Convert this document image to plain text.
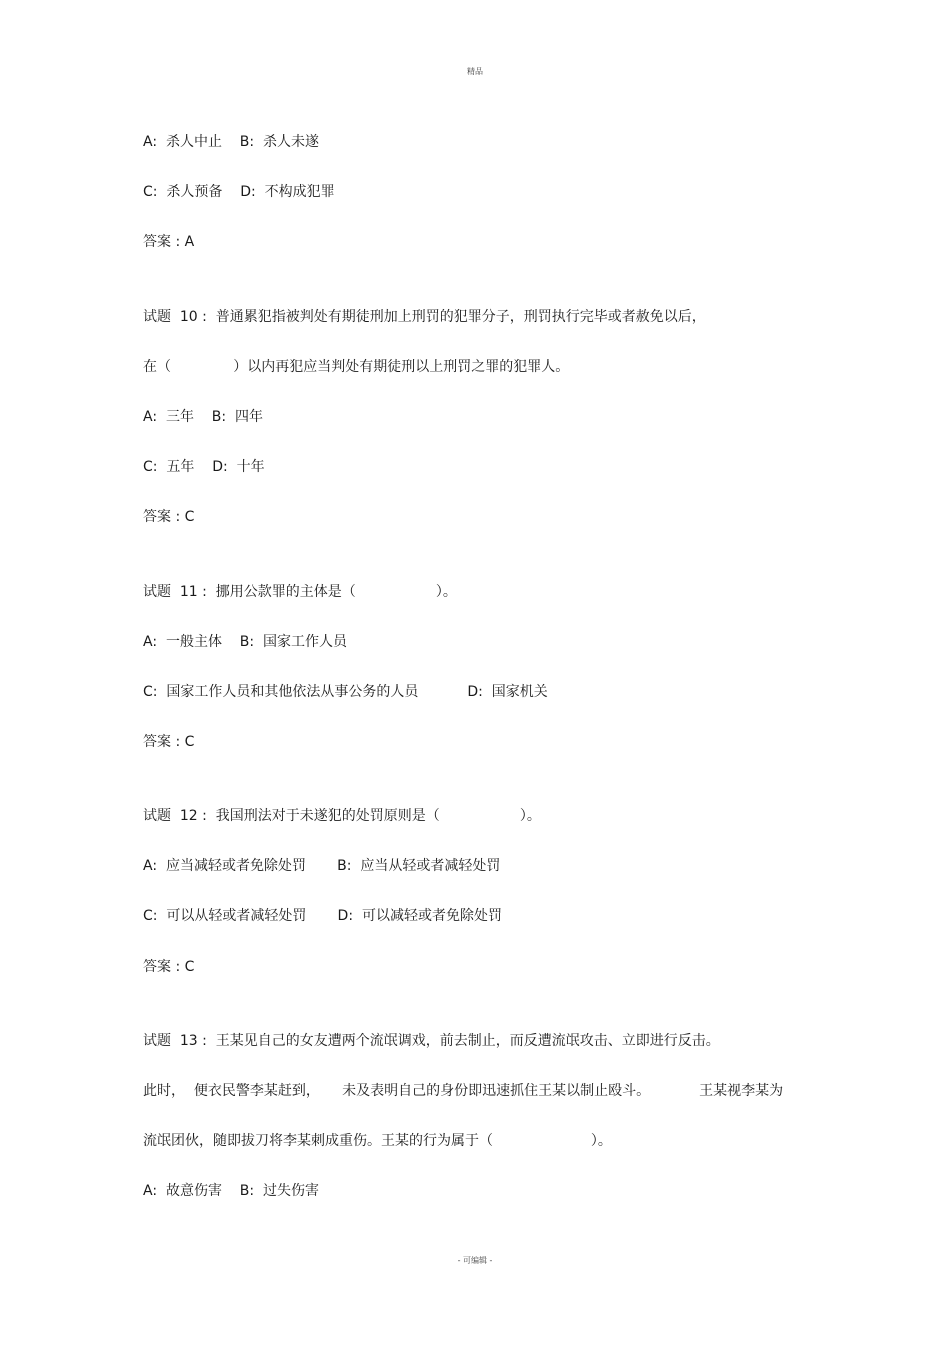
精品
A:  杀人中止    B:  杀人未遂
C:  杀人预备    D:  不构成犯罪
答案 : A
试题  10 :  普通累犯指被判处有期徒刑加上刑罚的犯罪分子，刑罚执行完毕或者赦免以后，
在（              ）以内再犯应当判处有期徒刑以上刑罚之罪的犯罪人。
A:  三年    B:  四年
C:  五年    D:  十年
答案 : C
试题  11 :  挪用公款罪的主体是（                  ）。
A:  一般主体    B:  国家工作人员
C:  国家工作人员和其他依法从事公务的人员           D:  国家机关
答案 : C
试题  12 :  我国刑法对于未遂犯的处罚原则是（                  ）。
A:  应当减轻或者免除处罚       B:  应当从轻或者减轻处罚
C:  可以从轻或者减轻处罚       D:  可以减轻或者免除处罚
答案 : C
试题  13 :  王某见自己的女友遭两个流氓调戏，前去制止，而反遭流氓攻击、立即进行反击。
此时，  便衣民警李某赶到，     未及表明自己的身份即迅速抓住王某以制止殴斗。           王某视李某为
流氓团伙，随即拔刀将李某刺成重伤。王某的行为属于（                      ）。
A:  故意伤害    B:  过失伤害
- 可编辑 -
